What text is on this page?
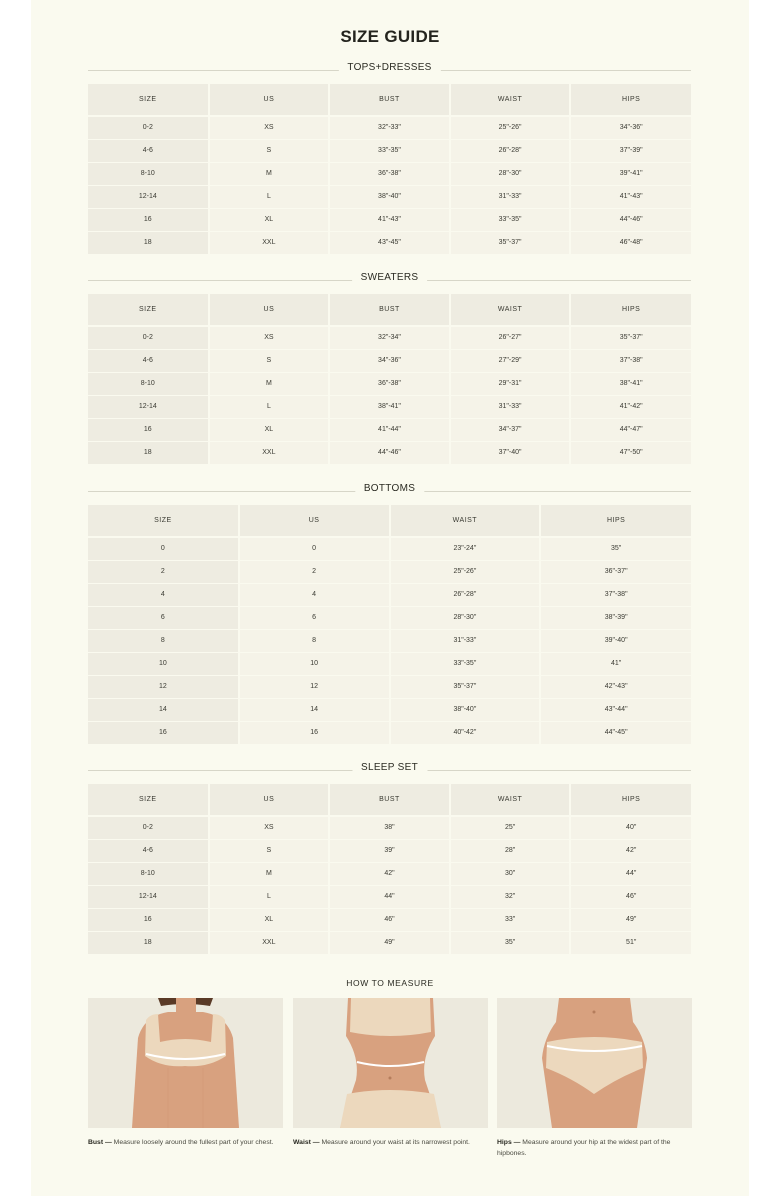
SIZE GUIDE
TOPS+DRESSES
SIZE	US	BUST	WAIST	HIPS
0-2	XS	32"-33"	25"-26"	34"-36"
4-6	S	33"-35"	26"-28"	37"-39"
8-10	M	36"-38"	28"-30"	39"-41"
12-14	L	38"-40"	31"-33"	41"-43"
16	XL	41"-43"	33"-35"	44"-46"
18	XXL	43"-45"	35"-37"	46"-48"
SWEATERS
SIZE	US	BUST	WAIST	HIPS
0-2	XS	32"-34"	26"-27"	35"-37"
4-6	S	34"-36"	27"-29"	37"-38"
8-10	M	36"-38"	29"-31"	38"-41"
12-14	L	38"-41"	31"-33"	41"-42"
16	XL	41"-44"	34"-37"	44"-47"
18	XXL	44"-46"	37"-40"	47"-50"
BOTTOMS
SIZE	US	WAIST	HIPS
0	0	23"-24"	35"
2	2	25"-26"	36"-37"
4	4	26"-28"	37"-38"
6	6	28"-30"	38"-39"
8	8	31"-33"	39"-40"
10	10	33"-35"	41"
12	12	35"-37"	42"-43"
14	14	38"-40"	43"-44"
16	16	40"-42"	44"-45"
SLEEP SET
SIZE	US	BUST	WAIST	HIPS
0-2	XS	38"	25"	40"
4-6	S	39"	28"	42"
8-10	M	42"	30"	44"
12-14	L	44"	32"	46"
16	XL	46"	33"	49"
18	XXL	49"	35"	51"
HOW TO MEASURE

Bust — Measure loosely around the fullest part of your chest.	Waist — Measure around your waist at its narrowest point.	Hips — Measure around your hip at the widest part of the hipbones.
